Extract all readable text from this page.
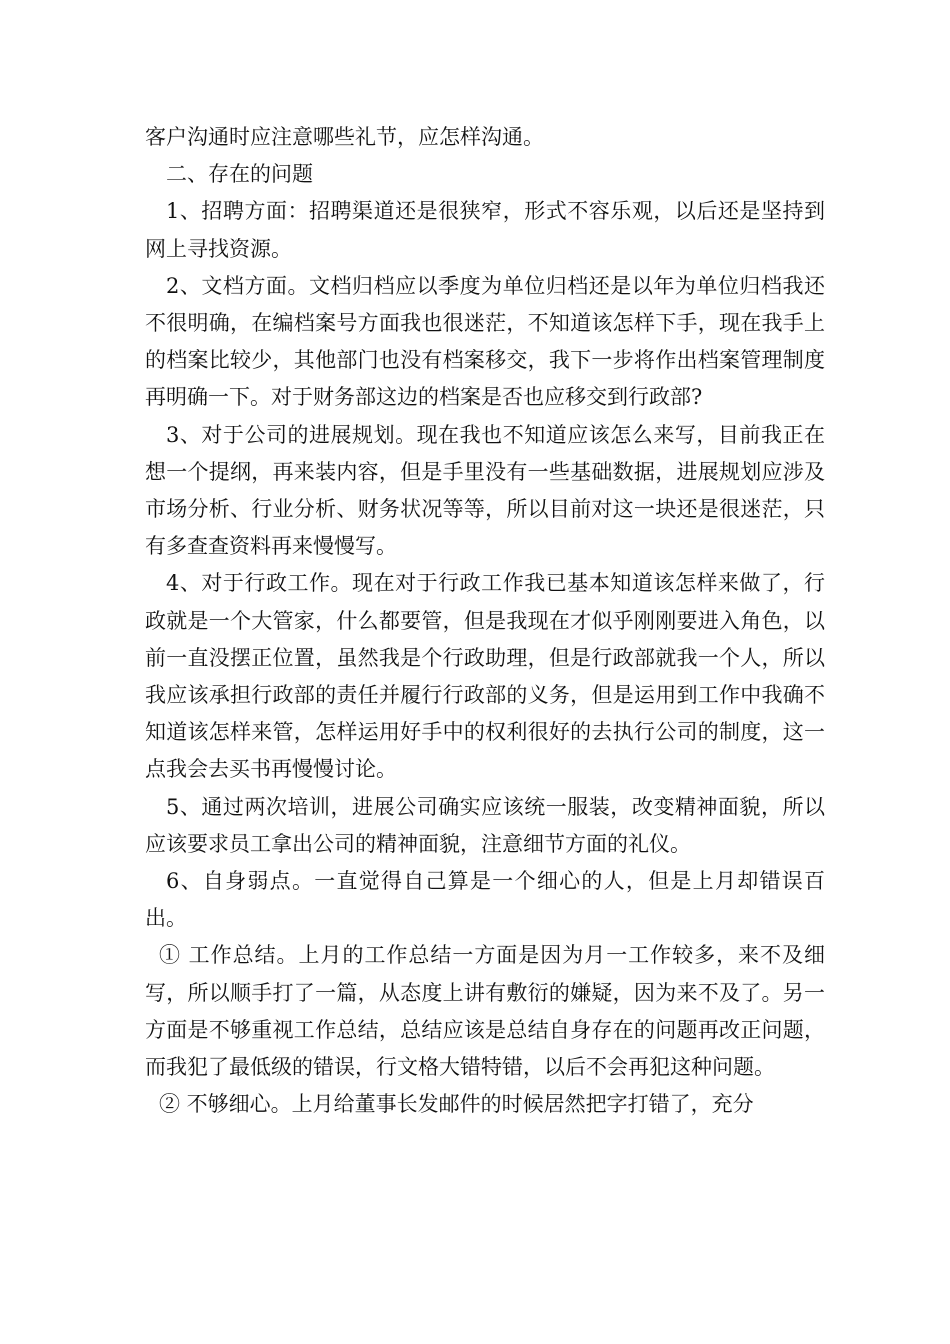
客户沟通时应注意哪些礼节，应怎样沟通。

二、存在的问题

1、招聘方面：招聘渠道还是很狭窄，形式不容乐观，以后还是坚持到网上寻找资源。

2、文档方面。文档归档应以季度为单位归档还是以年为单位归档我还不很明确，在编档案号方面我也很迷茫，不知道该怎样下手，现在我手上的档案比较少，其他部门也没有档案移交，我下一步将作出档案管理制度再明确一下。对于财务部这边的档案是否也应移交到行政部?

3、对于公司的进展规划。现在我也不知道应该怎么来写，目前我正在想一个提纲，再来装内容，但是手里没有一些基础数据，进展规划应涉及市场分析、行业分析、财务状况等等，所以目前对这一块还是很迷茫，只有多查查资料再来慢慢写。

4、对于行政工作。现在对于行政工作我已基本知道该怎样来做了，行政就是一个大管家，什么都要管，但是我现在才似乎刚刚要进入角色，以前一直没摆正位置，虽然我是个行政助理，但是行政部就我一个人，所以我应该承担行政部的责任并履行行政部的义务，但是运用到工作中我确不知道该怎样来管，怎样运用好手中的权利很好的去执行公司的制度，这一点我会去买书再慢慢讨论。

5、通过两次培训，进展公司确实应该统一服装，改变精神面貌，所以应该要求员工拿出公司的精神面貌，注意细节方面的礼仪。

6、自身弱点。一直觉得自己算是一个细心的人，但是上月却错误百出。

① 工作总结。上月的工作总结一方面是因为月一工作较多，来不及细写，所以顺手打了一篇，从态度上讲有敷衍的嫌疑，因为来不及了。另一方面是不够重视工作总结，总结应该是总结自身存在的问题再改正问题，而我犯了最低级的错误，行文格大错特错，以后不会再犯这种问题。

② 不够细心。上月给董事长发邮件的时候居然把字打错了，充分
